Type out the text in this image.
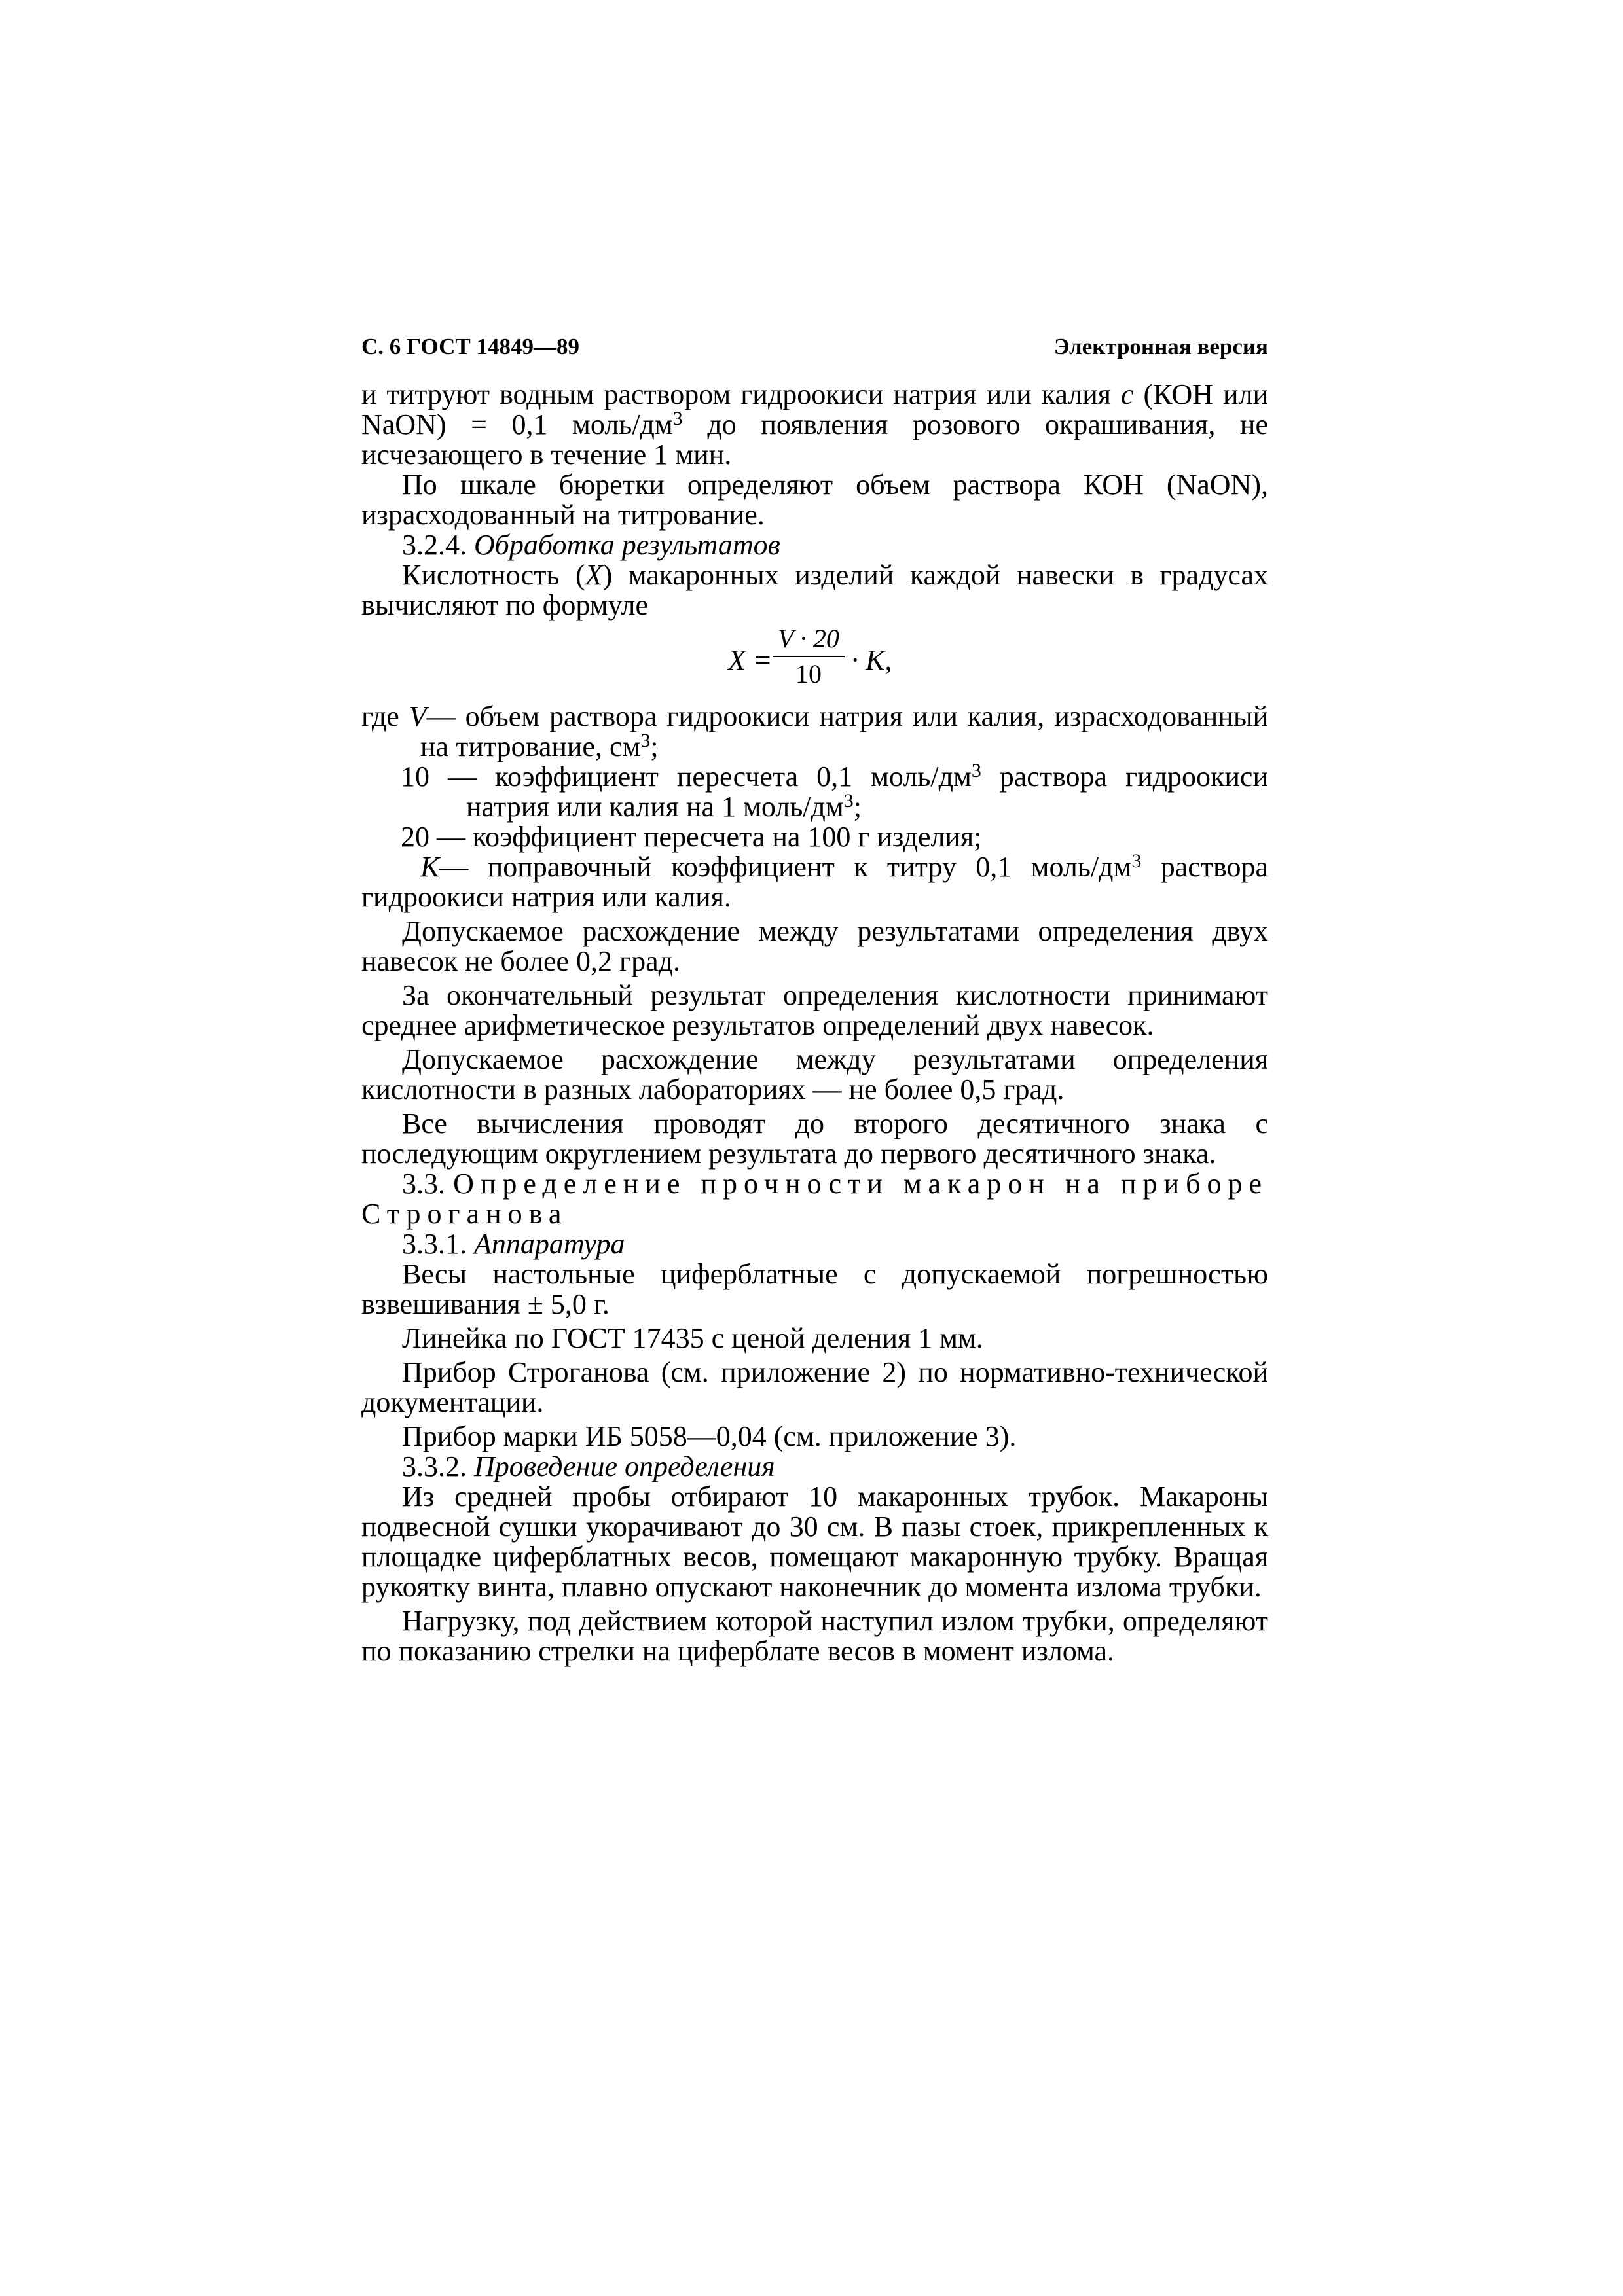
С. 6 ГОСТ 14849—89	Электронная версия

и титруют водным раствором гидроокиси натрия или калия c (КОН или NaON) = 0,1 моль/$дм^3$ до появления розового окрашивания, не исчезающего в течение 1 мин.

По шкале бюретки определяют объем раствора КОН (NaON), израсходованный на титрование.

3.2.4. Обработка результатов

Кислотность (X) макаронных изделий каждой навески в градусах вычисляют по формуле

X =
V · 20
10	· K,

где V— объем раствора гидроокиси натрия или калия, израсходованный на титрование, $см^3$;

10 — коэффициент пересчета 0,1 моль/$дм^3$ раствора гидроокиси натрия или калия на 1 моль/$дм^3$;

20 — коэффициент пересчета на 100 г изделия;

K— поправочный коэффициент к титру 0,1 моль/$дм^3$ раствора гидроокиси натрия или калия.

Допускаемое расхождение между результатами определения двух навесок не более 0,2 град.

За окончательный результат определения кислотности принимают среднее арифметическое результатов определений двух навесок.

Допускаемое расхождение между результатами определения кислотности в разных лабораториях — не более 0,5 град.

Все вычисления проводят до второго десятичного знака с последующим округлением результата до первого десятичного знака.

3.3. Определение прочности макарон на приборе Строганова

3.3.1. Аппаратура

Весы настольные циферблатные с допускаемой погрешностью взвешивания ± 5,0 г.

Линейка по ГОСТ 17435 с ценой деления 1 мм.

Прибор Строганова (см. приложение 2) по нормативно-технической документации.

Прибор марки ИБ 5058—0,04 (см. приложение 3).

3.3.2. Проведение определения

Из средней пробы отбирают 10 макаронных трубок. Макароны подвесной сушки укорачивают до 30 см. В пазы стоек, прикрепленных к площадке циферблатных весов, помещают макаронную трубку. Вращая рукоятку винта, плавно опускают наконечник до момента излома трубки.

Нагрузку, под действием которой наступил излом трубки, определяют по показанию стрелки на циферблате весов в момент излома.
